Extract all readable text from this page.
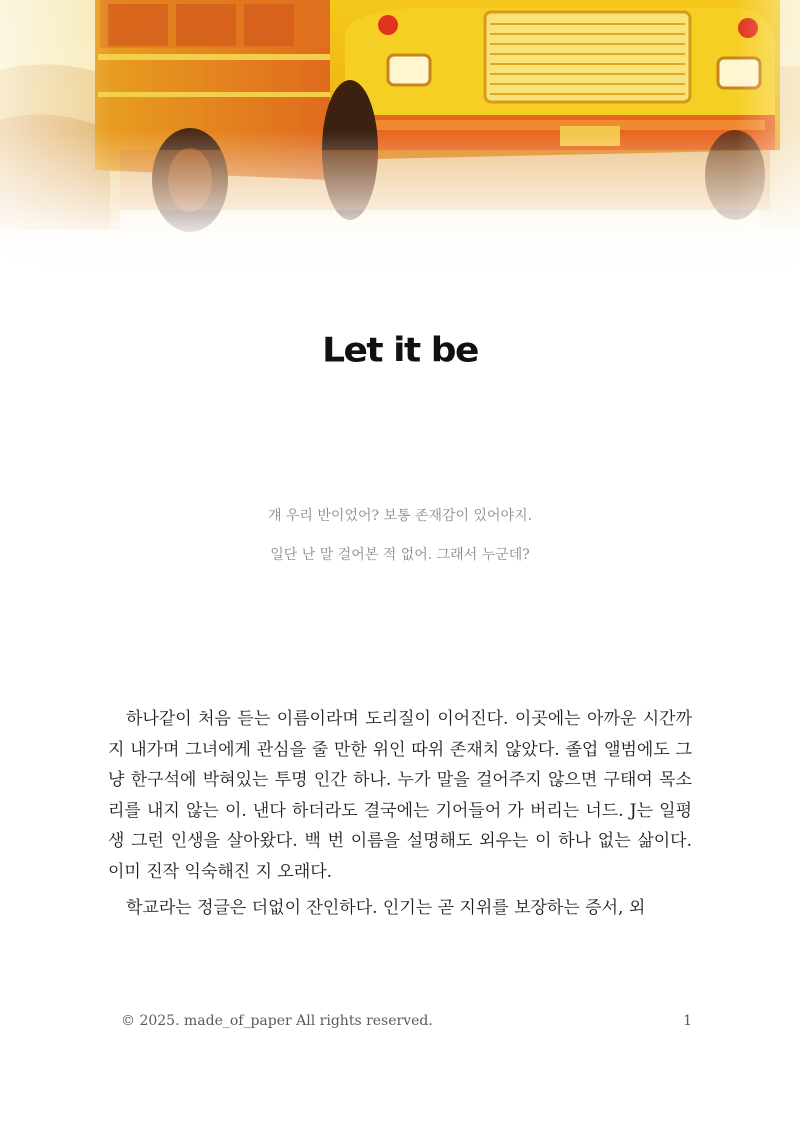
Let it be

걔 우리 반이었어? 보통 존재감이 있어야지.

일단 난 말 걸어본 적 없어. 그래서 누군데?

하나같이 처음 듣는 이름이라며 도리질이 이어진다. 이곳에는 아까운 시간까지 내가며 그녀에게 관심을 줄 만한 위인 따위 존재치 않았다. 졸업 앨범에도 그냥 한구석에 박혀있는 투명 인간 하나. 누가 말을 걸어주지 않으면 구태여 목소리를 내지 않는 이. 낸다 하더라도 결국에는 기어들어 가 버리는 너드. J는 일평생 그런 인생을 살아왔다. 백 번 이름을 설명해도 외우는 이 하나 없는 삶이다. 이미 진작 익숙해진 지 오래다.

학교라는 정글은 더없이 잔인하다. 인기는 곧 지위를 보장하는 증서, 외

© 2025. made_of_paper All rights reserved.	1
